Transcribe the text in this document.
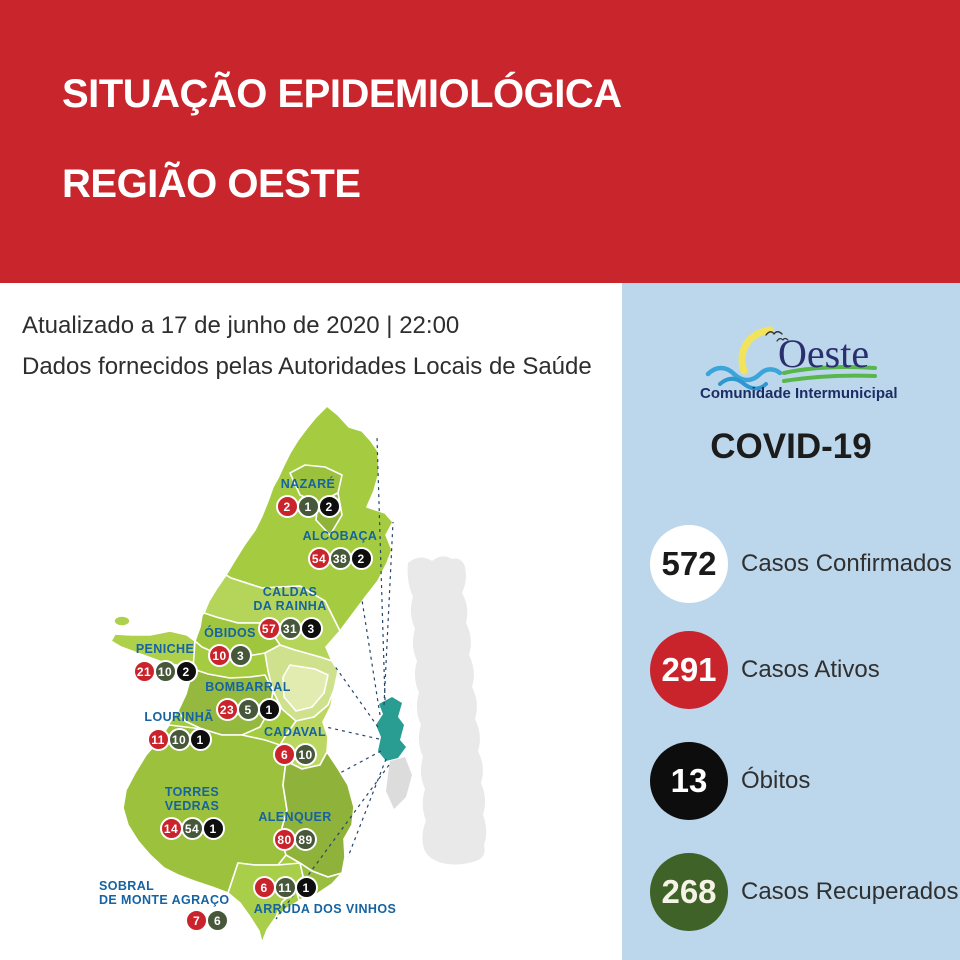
SITUAÇÃO EPIDEMIOLÓGICA
REGIÃO OESTE
Atualizado a 17 de junho de 2020 | 22:00
Dados fornecidos pelas Autoridades Locais de Saúde	Oeste
Comunidade Intermunicipal
COVID-19
572	Casos Confirmados
291	Casos Ativos
13	Óbitos
268	Casos Recuperados
NAZARÉ
2	1	2
ALCOBAÇA
54 38 2
CALDAS
DA RAINHA
57 31 3
ÓBIDOS
10 3
PENICHE
21 10 2
BOMBARRAL
23 5	1
LOURINHÃ
11 10 1
CADAVAL
6 10
TORRES
VEDRAS
14 54 1
ALENQUER
80 89
6 11 1
ARRUDA DOS VINHOS
SOBRAL
DE MONTE AGRAÇO
7	6
